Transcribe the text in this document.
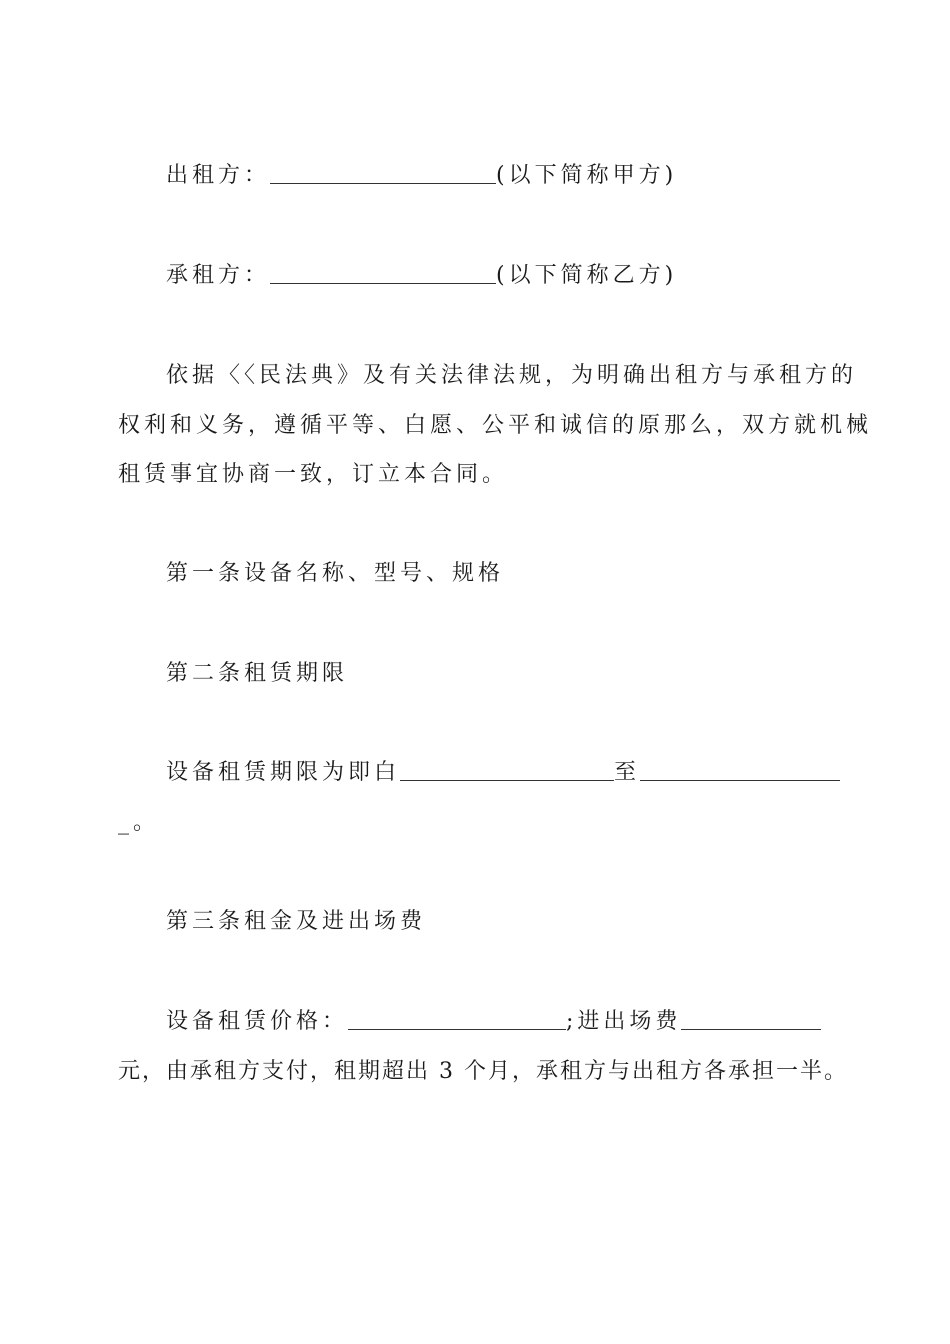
出租方：	(以下简称甲方)
承租方：	(以下简称乙方)
依据〈〈民法典》及有关法律法规，为明确出租方与承租方的
权利和义务，遵循平等、白愿、公平和诚信的原那么，双方就机械
租赁事宜协商一致，订立本合同。
第一条设备名称、型号、规格
第二条租赁期限
设备租赁期限为即白	至
_。
第三条租金及进出场费
设备租赁价格：	;进出场费
元，由承租方支付，租期超出 3 个月，承租方与出租方各承担一半。
